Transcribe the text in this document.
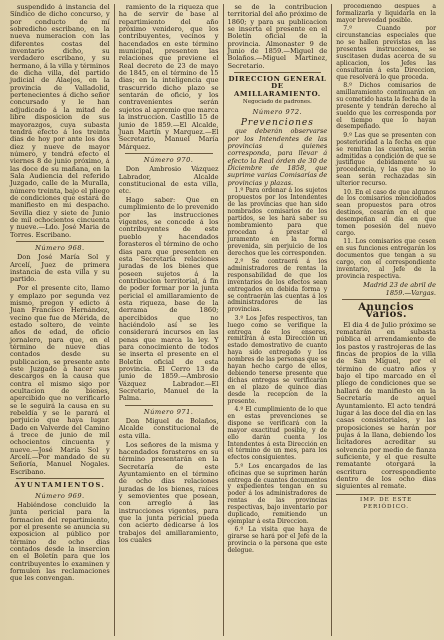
suspendido á instancia del Síndico de dicho concurso, y por conducto de mí sobredicho escribano, en la nueva numeracion con las diferentes costas del inventario dicho, su verdadero escribano, y su hermano, á la villa y términos de dicha villa, del partido judicial de Alaejos, en la provincia de Valladolid, pertenecientes á dicho señor concursado y le han adjudicado á la mitad de libre disposicion de sus mayorazgos, cuya subasta tendrá efecto á los treinta dias de hoy por ante los dos diez y nueve de mayor número, y tendrá efecto el viernes 8 de junio próximo, á las doce de su mañana, en la Sala Audiencia del referido Juzgado, calle de la Muralla, número treinta, bajo el pliego de condiciones que estará de manifiesto en mi despacho. Sevilla diez y siete de Junio de mil ochocientos cincuenta y nueve.—Ldo. José Maria de Torres. Escribano.

Número 968.

Don José María Sol y Arcelí, Juez de primera instancia de esta villa y su partido.

Por el presente cito, llamo y emplazo por segunda vez mismo, pregon y edicto á Juan Francisco Hernández, vecino que fue de Mérida, de estado soltero, de veinte años de edad, de oficio jornalero, para que, en el término de nueve dias contados desde su publicacion, se presente ante este Juzgado á hacer sus descargos en la causa que contra el mismo sigo por ocultacion de bienes, apercibido que no verificarlo se le seguirá la causa en su rebeldía y se le parará el perjuicio que haya lugar. Dado en Valverde del Camino á trece de junio de mil ochocientos cincuenta y nueve.—José María Sol y Arcelí.—Por mandado de su Señoría, Manuel Nogales. Escribano.

AYUNTAMIENTOS.
Número 969.

Habiéndose concluido la junta pericial para la formacion del repartimiento, por el presente se anuncia su exposicion al público por término de ocho dias contados desde la insercion en el Boletín para que los contribuyentes lo examinen y formulen las reclamaciones que les convengan.

ramiento de la riqueza que ha de servir de base al repartimiento del año próximo venidero, que los contribuyentes, vecinos y hacendados en este término municipal, presenten las relaciones que previene el Real decreto de 23 de mayo de 1845, en el término de 15 dias; en la inteligencia que trascurrido dicho plazo se sentarán de oficio, y los contravenientes serán sujetos al apremio que marca la instruccion. Castillo 15 de junio de 1859.—El Alcalde, Juan Martín y Marquez.—El Secretario, Manuel María Márquez.

Número 970.

Don Ambrosio Vázquez Labrador, Alcalde constitucional de esta villa, etc.

Hago saber: Que en cumplimiento de lo prevenido por las instrucciones vigentes, se concede á los contribuyentes de este pueblo y hacendados forasteros el término de ocho dias para que presenten en esta Secretaría relaciones juradas de los bienes que poseen sujetos á la contribucion territorial, á fin de poder formar por la junta pericial el amillaramiento de esta riqueza, base de la derrama de 1860; apercibidos que no haciéndolo así se les considerará incursos en las penas que marca la ley. Y para conocimiento de todos se inserta el presente en el Boletín oficial de esta provincia. El Cerro 13 de junio de 1859.—Ambrosio Vázquez Labrador.—El Secretario, Manuel de la Palma.

Número 971.

Don Miguel de Bolaños, Alcalde constitucional de esta villa.

Los señores de la misma y hacendados forasteros en su término presentarán en la Secretaría de este Ayuntamiento en el término de ocho dias relaciones juradas de los bienes, raíces y semovientes que posean, con arreglo á las instrucciones vigentes, para que la junta pericial pueda con acierto dedicarse á los trabajos del amillaramiento, los cuales

se de la contribucion territorial del año próximo de 1860; y para su publicacion se inserta el presente en el Boletín oficial de la provincia. Almonaster 9 de Junio de 1859.—Miguel de Bolaños.—Miguel Martinez, Secretario.

DIRECCION GENERAL DE AMILLARAMIENTO.
Negociado de padrones.
Número 972.
Prevenciones

que deberán observarse por los Intendentes de las provincias á quienes corresponda, para llevar á efecto la Real órden de 30 de Diciembre de 1858, que suprime varias Comisarías de provincias y plazas.

1.º Para ordenar á los sujetos propuestos por los Intendentes de las provincias que han sido nombrados comisarios de los partidos, se les hará saber su nombramiento para que procedan á prestar el juramento en la forma prevenida, sin perjuicio de los derechos que les corresponden.

2.º Se contraerá á los administradores de rentas la responsabilidad de que los inventarios de los efectos sean entregados en debida forma y se contraerán las cuentas á los administradores de las provincias.

3.º Los Jefes respectivos, tan luego como se verifique la entrega de los enseres, remitirán á esta Dirección un estado demostrativo de cuanto haya sido entregado y los nombres de las personas que se hayan hecho cargo de ellos, debiendo tenerse presente que dichas entregas se verificarán en el plazo de quince dias desde la recepcion de la presente.

4.º El cumplimiento de lo que en estas prevenciones se dispone se verificará con la mayor exactitud posible, y de ello darán cuenta los Intendentes á esta Dirección en el término de un mes, para los efectos consiguientes.

5.º Los encargados de las oficinas que se suprimen harán entrega de cuantos documentos y expedientes tengan en su poder á los administradores de rentas de las provincias respectivas, bajo inventario por duplicado, remitiendo un ejemplar á esta Direccion.

6.º La visita que haya de girarse se hará por el Jefe de la provincia o la persona que este delegue.

procediendo después á formalizarla y liquidarla en la mayor brevedad posible.

7.º Cuando por circunstancias especiales que no se hallen previstas en las presentes instrucciones, se suscitasen dudas acerca de su aplicacion, los Jefes las consultarán á esta Direccion, que resolverá lo que proceda.

8.º Dichos comisarios de amillaramiento continuarán en su cometido hasta la fecha de la presente y tendrán derecho al sueldo que les corresponda por el tiempo que lo hayan desempeñado.

9.º Las que se presenten con posterioridad a la fecha en que se remitan las cuentas, serán admitidas a condición de que se justifique debidamente su procedencia, y las que no lo sean serán rechazadas sin ulterior recurso.

10. En el caso de que algunos de los comisarios mencionados sean propuestos para otros destinos, cesarán en el que desempeñan el día en que tomen posesión del nuevo cargo.

11. Los comisarios que cesen en sus funciones entregarán los documentos que tengan a su cargo, con el correspondiente inventario, al Jefe de la provincia respectiva.

Madrid 23 de abril de 1859.—Vargas.

Anuncios Varios.

El dia 4 de Julio próximo se rematarán en subasta pública el arrendamiento de los pastos y rastrojeras de las fincas de propios de la villa de San Miguel, por el término de cuatro años y bajo el tipo marcado en el pliego de condiciones que se hallará de manifiesto en la Secretaría de aquel Ayuntamiento. El acto tendrá lugar á las doce del dia en las casas consistoriales, y las proposiciones se harán por pujas á la llana, debiendo los licitadores acreditar su solvencia por medio de fianza suficiente, y el que resulte rematante otorgará la escritura correspondiente dentro de los ocho dias siguientes al remate.

IMP. DE ESTE PERIÓDICO.
